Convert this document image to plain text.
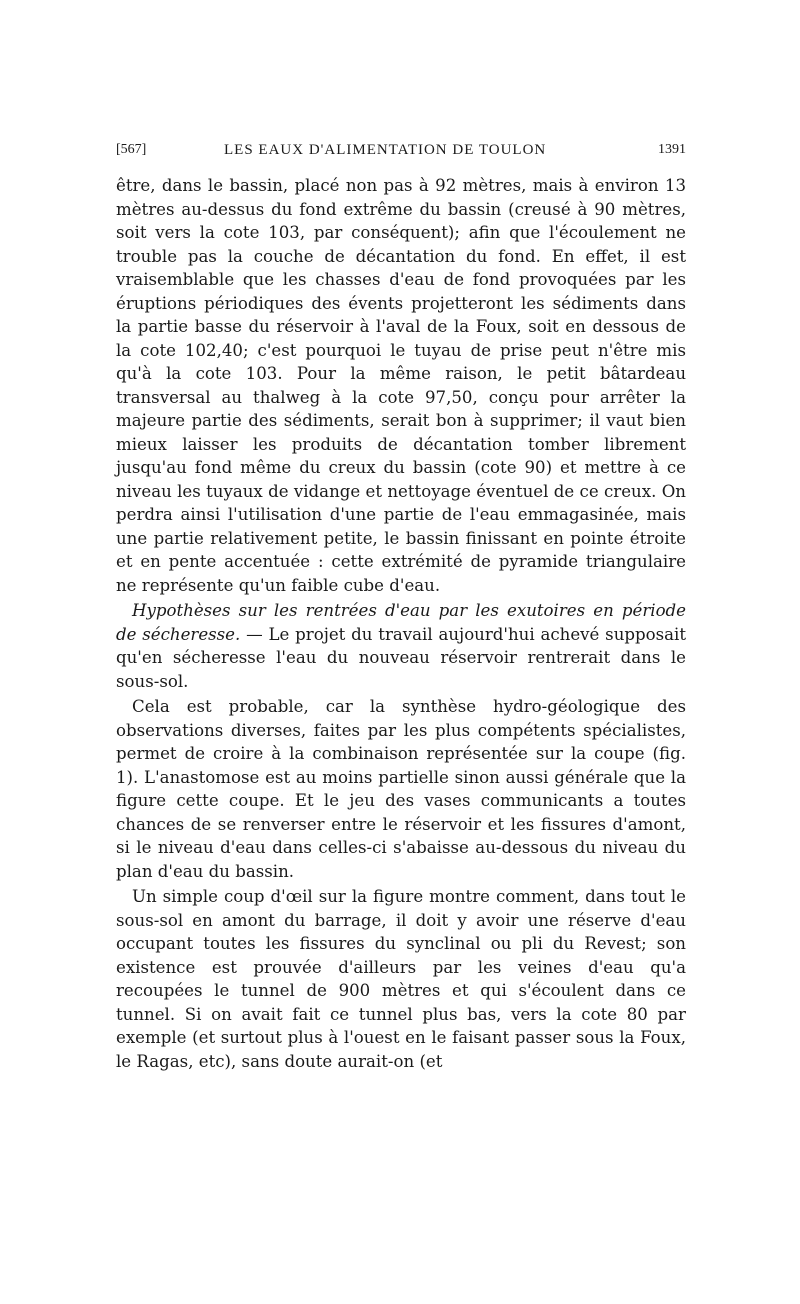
[567]	LES EAUX D'ALIMENTATION DE TOULON	1391

être, dans le bassin, placé non pas à 92 mètres, mais à environ 13 mètres au-dessus du fond extrême du bassin (creusé à 90 mètres, soit vers la cote 103, par conséquent); afin que l'écoulement ne trouble pas la couche de décantation du fond. En effet, il est vraisemblable que les chasses d'eau de fond provoquées par les éruptions périodiques des évents projetteront les sédiments dans la partie basse du réservoir à l'aval de la Foux, soit en dessous de la cote 102,40; c'est pourquoi le tuyau de prise peut n'être mis qu'à la cote 103. Pour la même raison, le petit bâtardeau transversal au thalweg à la cote 97,50, conçu pour arrêter la majeure partie des sédiments, serait bon à supprimer; il vaut bien mieux laisser les produits de décantation tomber librement jusqu'au fond même du creux du bassin (cote 90) et mettre à ce niveau les tuyaux de vidange et nettoyage éventuel de ce creux. On perdra ainsi l'utilisation d'une partie de l'eau emmagasinée, mais une partie relativement petite, le bassin finissant en pointe étroite et en pente accentuée : cette extrémité de pyramide triangulaire ne représente qu'un faible cube d'eau.

Hypothèses sur les rentrées d'eau par les exutoires en période de sécheresse. — Le projet du travail aujourd'hui achevé supposait qu'en sécheresse l'eau du nouveau réservoir rentrerait dans le sous-sol.

Cela est probable, car la synthèse hydro-géologique des observations diverses, faites par les plus compétents spécialistes, permet de croire à la combinaison représentée sur la coupe (fig. 1). L'anastomose est au moins partielle sinon aussi générale que la figure cette coupe. Et le jeu des vases communicants a toutes chances de se renverser entre le réservoir et les fissures d'amont, si le niveau d'eau dans celles-ci s'abaisse au-dessous du niveau du plan d'eau du bassin.

Un simple coup d'œil sur la figure montre comment, dans tout le sous-sol en amont du barrage, il doit y avoir une réserve d'eau occupant toutes les fissures du synclinal ou pli du Revest; son existence est prouvée d'ailleurs par les veines d'eau qu'a recoupées le tunnel de 900 mètres et qui s'écoulent dans ce tunnel. Si on avait fait ce tunnel plus bas, vers la cote 80 par exemple (et surtout plus à l'ouest en le faisant passer sous la Foux, le Ragas, etc), sans doute aurait-on (et
